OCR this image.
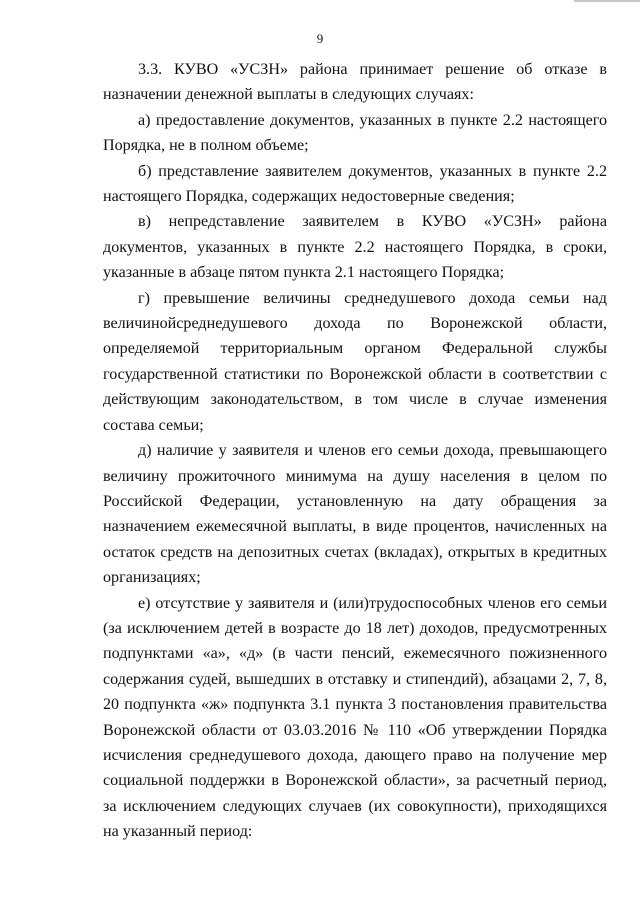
9

3.3. КУВО «УСЗН» района принимает решение об отказе в назначении денежной выплаты в следующих случаях:

а) предоставление документов, указанных в пункте 2.2 настоящего Порядка, не в полном объеме;

б) представление заявителем документов, указанных в пункте 2.2 настоящего Порядка, содержащих недостоверные сведения;

в) непредставление заявителем в КУВО «УСЗН» района документов, указанных в пункте 2.2 настоящего Порядка, в сроки, указанные в абзаце пятом пункта 2.1 настоящего Порядка;

г) превышение величины среднедушевого дохода семьи над величинойсреднедушевого дохода по Воронежской области, определяемой территориальным органом Федеральной службы государственной статистики по Воронежской области в соответствии с действующим законодательством, в том числе в случае изменения состава семьи;

д) наличие у заявителя и членов его семьи дохода, превышающего величину прожиточного минимума на душу населения в целом по Российской Федерации, установленную на дату обращения за назначением ежемесячной выплаты, в виде процентов, начисленных на остаток средств на депозитных счетах (вкладах), открытых в кредитных организациях;

е) отсутствие у заявителя и (или)трудоспособных членов его семьи (за исключением детей в возрасте до 18 лет) доходов, предусмотренных подпунктами «а», «д» (в части пенсий, ежемесячного пожизненного содержания судей, вышедших в отставку и стипендий), абзацами 2, 7, 8, 20 подпункта «ж» подпункта 3.1 пункта 3 постановления правительства Воронежской области от 03.03.2016 № 110 «Об утверждении Порядка исчисления среднедушевого дохода, дающего право на получение мер социальной поддержки в Воронежской области», за расчетный период, за исключением следующих случаев (их совокупности), приходящихся на указанный период:
